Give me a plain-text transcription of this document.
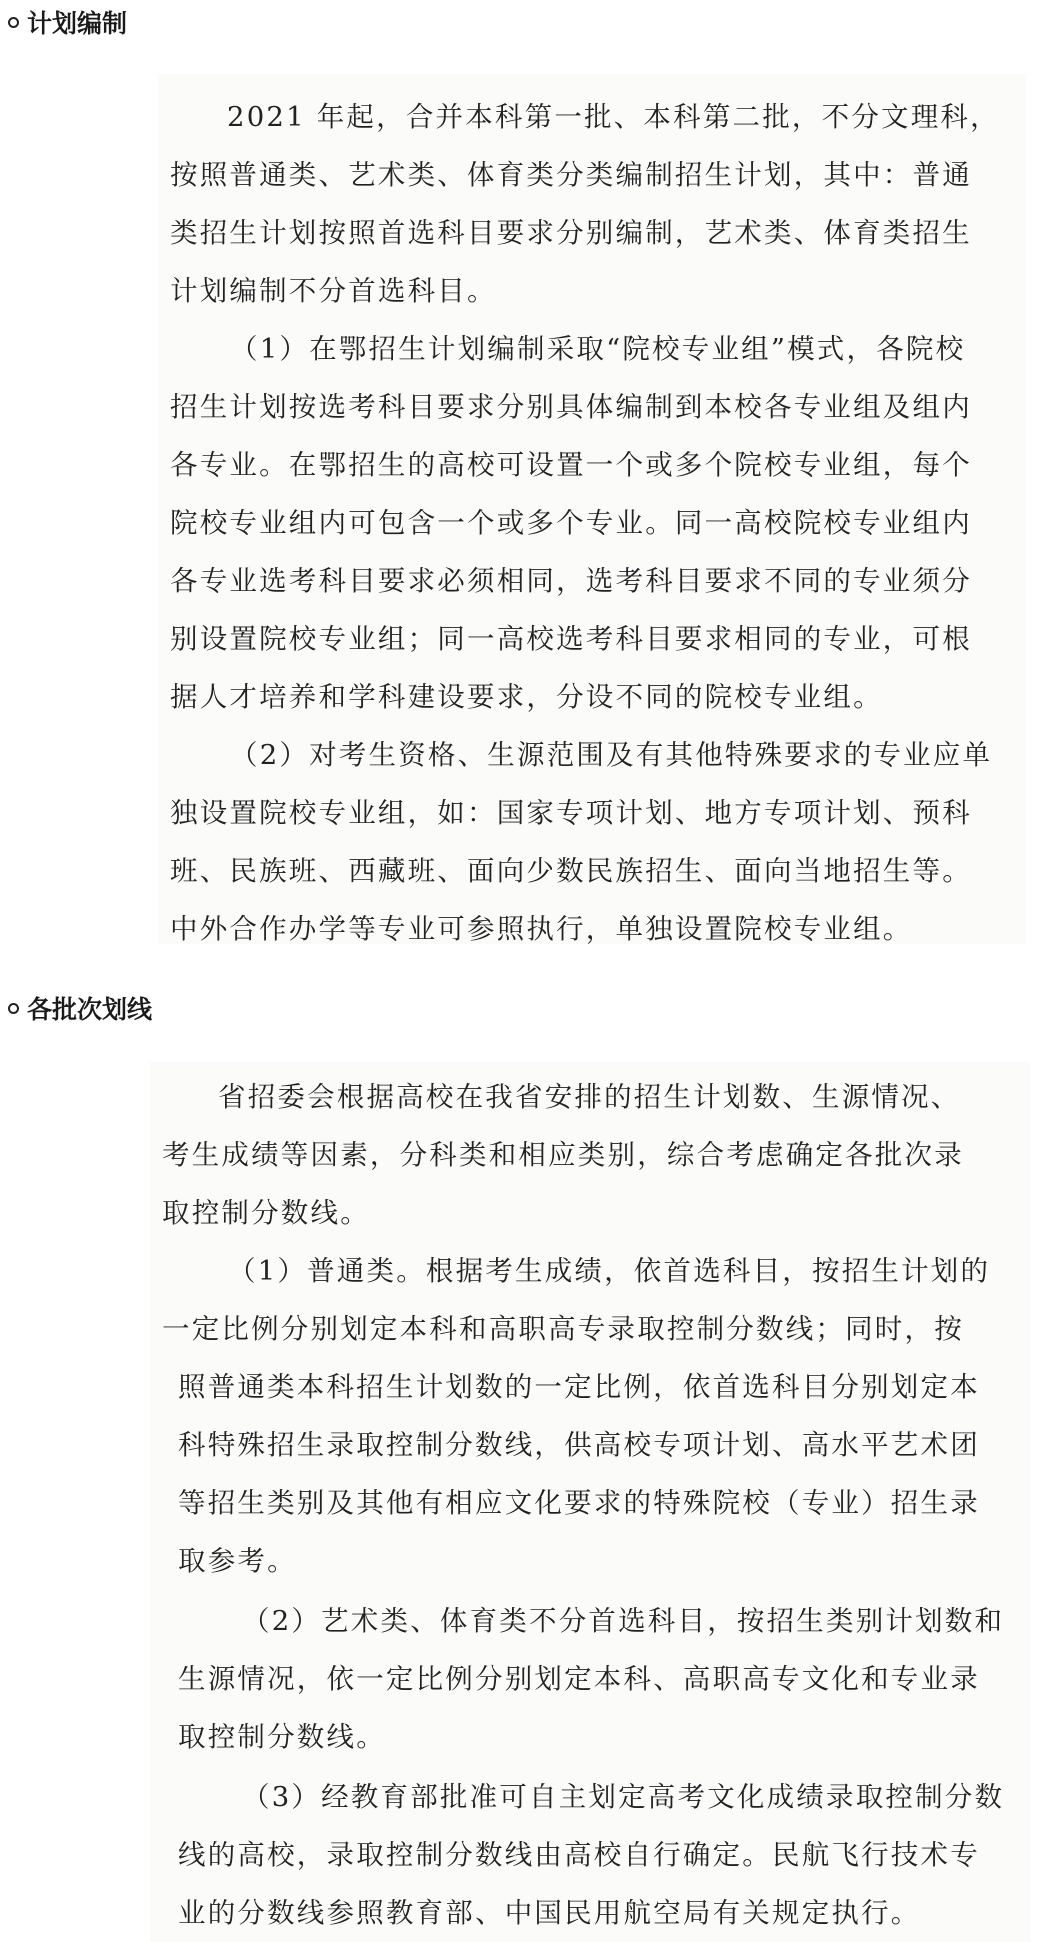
计划编制

2021 年起，合并本科第一批、本科第二批，不分文理科，
按照普通类、艺术类、体育类分类编制招生计划，其中：普通
类招生计划按照首选科目要求分别编制，艺术类、体育类招生
计划编制不分首选科目。

（1）在鄂招生计划编制采取“院校专业组”模式，各院校
招生计划按选考科目要求分别具体编制到本校各专业组及组内
各专业。在鄂招生的高校可设置一个或多个院校专业组，每个
院校专业组内可包含一个或多个专业。同一高校院校专业组内
各专业选考科目要求必须相同，选考科目要求不同的专业须分
别设置院校专业组；同一高校选考科目要求相同的专业，可根
据人才培养和学科建设要求，分设不同的院校专业组。

（2）对考生资格、生源范围及有其他特殊要求的专业应单
独设置院校专业组，如：国家专项计划、地方专项计划、预科
班、民族班、西藏班、面向少数民族招生、面向当地招生等。
中外合作办学等专业可参照执行，单独设置院校专业组。

各批次划线

省招委会根据高校在我省安排的招生计划数、生源情况、
考生成绩等因素，分科类和相应类别，综合考虑确定各批次录
取控制分数线。

（1）普通类。根据考生成绩，依首选科目，按招生计划的
一定比例分别划定本科和高职高专录取控制分数线；同时，按
照普通类本科招生计划数的一定比例，依首选科目分别划定本
科特殊招生录取控制分数线，供高校专项计划、高水平艺术团
等招生类别及其他有相应文化要求的特殊院校（专业）招生录
取参考。

（2）艺术类、体育类不分首选科目，按招生类别计划数和
生源情况，依一定比例分别划定本科、高职高专文化和专业录
取控制分数线。

（3）经教育部批准可自主划定高考文化成绩录取控制分数
线的高校，录取控制分数线由高校自行确定。民航飞行技术专
业的分数线参照教育部、中国民用航空局有关规定执行。
